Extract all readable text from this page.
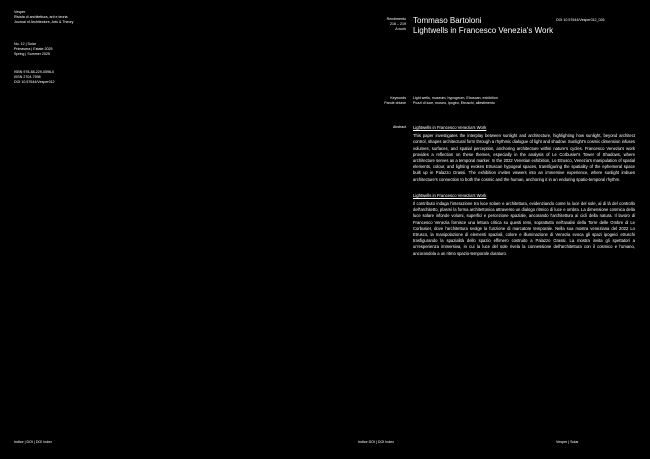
Vesper

Rivista di architettura, arti e teoria

Journal of Architecture, Arts & Theory

No. 12 | Solar

Primavera | Estate 2025

Spring | Summer 2025

ISBN 978-88-229-0596-0

ISSN 2704-7598

DOI 10.57644/Vesper012

Rendimento

216 – 219

A work

Tommaso Bartoloni

Lightwells in Francesco Venezia's Work

DOI 10.57644/Vesper012_026

Keywords

Parole chiave

Light wells, museum, hypogeum, Etruscan, exhibition

Pozzi di luce, museo, ipogeo, Etruschi, allestimento

Abstract Lightwells in Francesco Venezia's Work

This paper investigates the interplay between sunlight and architecture, highlighting how sunlight, beyond architect control, shapes architectural form through a rhythmic dialogue of light and shadow. Sunlight's cosmic dimension infuses volumes, surfaces, and spatial perception, anchoring architecture within nature's cycles. Francesco Venezia's work provides a reflection on these themes, especially in the analysis of Le Corbusier's Tower of Shadows, where architecture serves as a temporal marker. In the 2022 Venetian exhibition, Lo Etrusco, Venezia's manipulation of spatial elements, colour, and lighting evokes Etruscan hypogeal spaces, transfiguring the spatiality of the ephemeral space built up in Palazzo Grassi. The exhibition invites viewers into an immersive experience, where sunlight imbues architecture's connection to both the cosmic and the human, anchoring it in an enduring spatio-temporal rhythm.

Lightwells in Francesco Venezia's Work

Il contributo indaga l'interazione tra luce solare e architettura, evidenziando come la luce del sole, al di là del controllo dell'architetto, plasmi la forma architettonica attraverso un dialogo ritmico di luce e ombra. La dimensione cosmica della luce solare infonde volumi, superfici e percezione spaziale, ancorando l'architettura ai cicli della natura. Il lavoro di Francesco Venezia fornisce una lettura critica su questi temi, soprattutto nell'analisi della Torre delle Ombre di Le Corbusier, dove l'architettura svolge la funzione di marcatore temporale. Nella sua mostra veneziana del 2022 Lo Etrusco, la manipolazione di elementi spaziali, colore e illuminazione di Venezia evoca gli spazi ipogeici etruschi trasfigurando la spazialità dello spazio effimero costruito a Palazzo Grassi. La mostra invita gli spettatori a un'esperienza immersiva, in cui la luce del sole rivela la connessione dell'architettura con il cosmico e l'umano, ancorandola a un ritmo spazio-temporale duraturo.

Indice | DOI | DOI Index	Indice DOI | DOI Index	Vesper | Solar
